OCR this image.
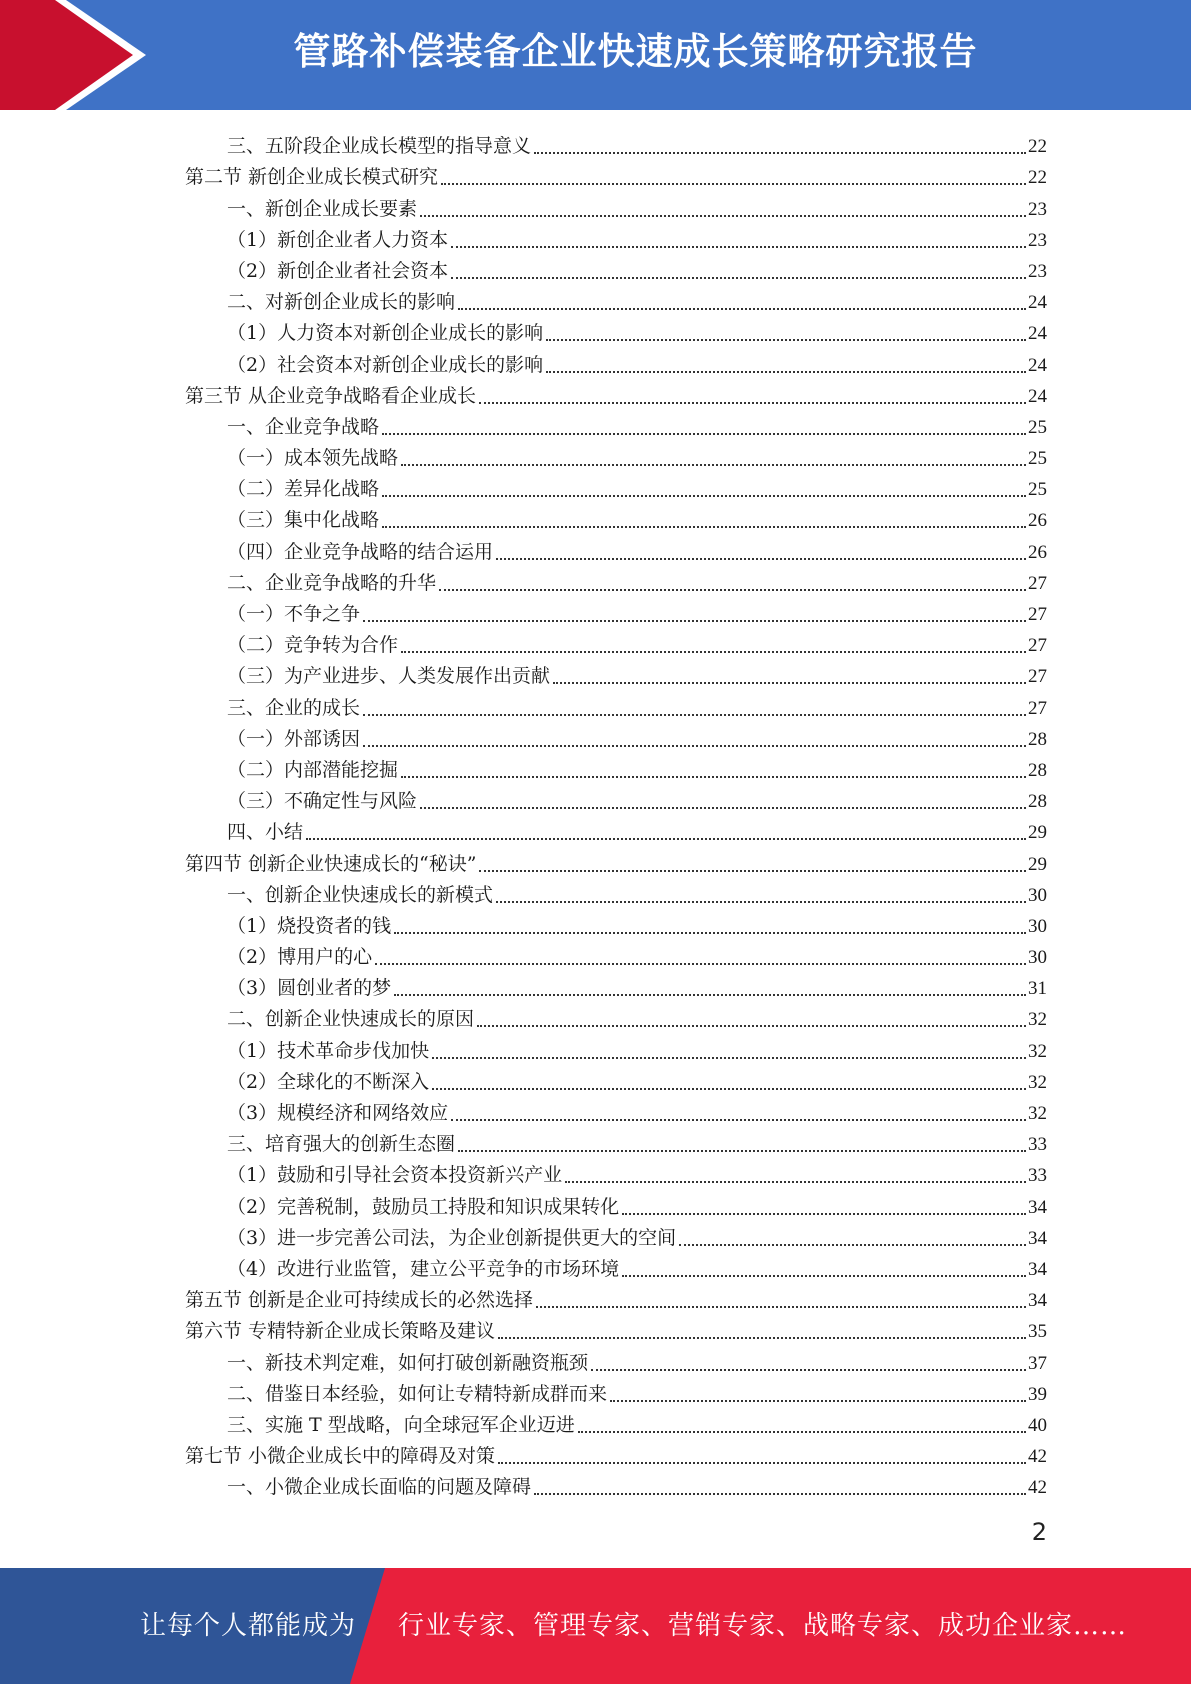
管路补偿装备企业快速成长策略研究报告
三、五阶段企业成长模型的指导意义	22
第二节 新创企业成长模式研究	22
一、新创企业成长要素	23
（1）新创企业者人力资本	23
（2）新创企业者社会资本	23
二、对新创企业成长的影响	24
（1）人力资本对新创企业成长的影响	24
（2）社会资本对新创企业成长的影响	24
第三节 从企业竞争战略看企业成长	24
一、企业竞争战略	25
（一）成本领先战略	25
（二）差异化战略	25
（三）集中化战略	26
（四）企业竞争战略的结合运用	26
二、企业竞争战略的升华	27
（一）不争之争	27
（二）竞争转为合作	27
（三）为产业进步、人类发展作出贡献	27
三、企业的成长	27
（一）外部诱因	28
（二）内部潜能挖掘	28
（三）不确定性与风险	28
四、小结	29
第四节 创新企业快速成长的“秘诀”	29
一、创新企业快速成长的新模式	30
（1）烧投资者的钱	30
（2）博用户的心	30
（3）圆创业者的梦	31
二、创新企业快速成长的原因	32
（1）技术革命步伐加快	32
（2）全球化的不断深入	32
（3）规模经济和网络效应	32
三、培育强大的创新生态圈	33
（1）鼓励和引导社会资本投资新兴产业	33
（2）完善税制，鼓励员工持股和知识成果转化	34
（3）进一步完善公司法，为企业创新提供更大的空间	34
（4）改进行业监管，建立公平竞争的市场环境	34
第五节 创新是企业可持续成长的必然选择	34
第六节 专精特新企业成长策略及建议	35
一、新技术判定难，如何打破创新融资瓶颈	37
二、借鉴日本经验，如何让专精特新成群而来	39
三、实施 T 型战略，向全球冠军企业迈进	40
第七节 小微企业成长中的障碍及对策	42
一、小微企业成长面临的问题及障碍	42
2
让每个人都能成为 行业专家、管理专家、营销专家、战略专家、成功企业家……
